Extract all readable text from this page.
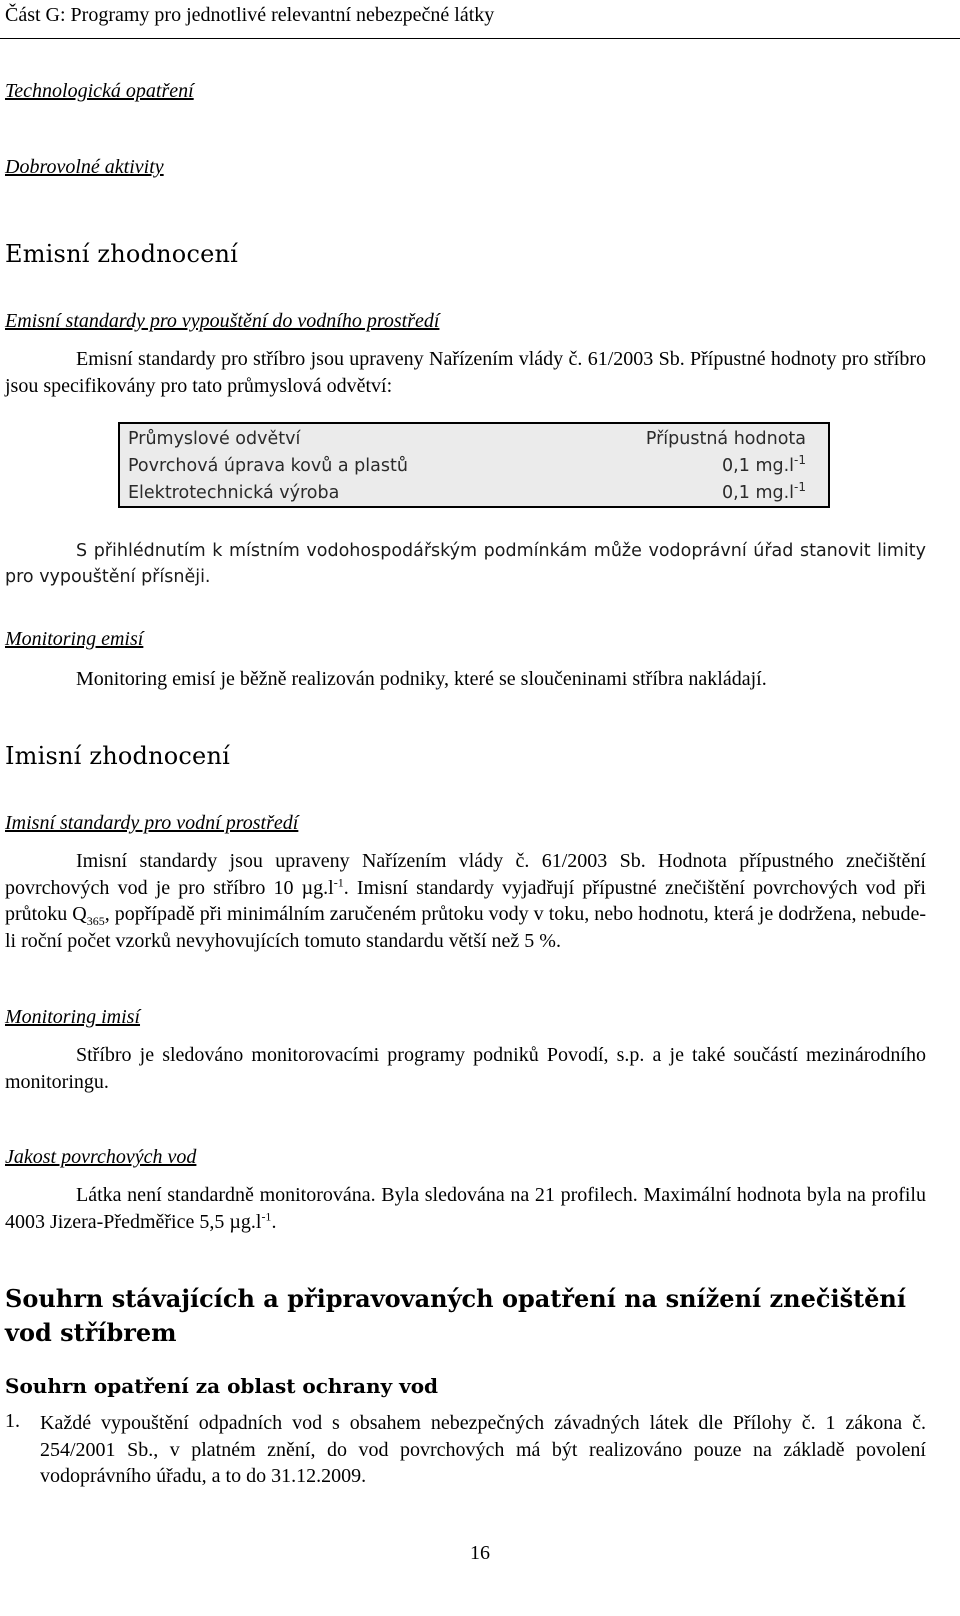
Část G: Programy pro jednotlivé relevantní nebezpečné látky
Technologická opatření
Dobrovolné aktivity
Emisní zhodnocení
Emisní standardy pro vypouštění do vodního prostředí
Emisní standardy pro stříbro jsou upraveny Nařízením vlády č. 61/2003 Sb. Přípustné hodnoty pro stříbro jsou specifikovány pro tato průmyslová odvětví:
Průmyslové odvětví	Přípustná hodnota
Povrchová úprava kovů a plastů	0,1 $mg.l^{-1}$
Elektrotechnická výroba	0,1 $mg.l^{-1}$
S přihlédnutím k místním vodohospodářským podmínkám může vodoprávní úřad stanovit limity pro vypouštění přísněji.
Monitoring emisí
Monitoring emisí je běžně realizován podniky, které se sloučeninami stříbra nakládají.
Imisní zhodnocení
Imisní standardy pro vodní prostředí
Imisní standardy jsou upraveny Nařízením vlády č. 61/2003 Sb. Hodnota přípustného znečištění povrchových vod je pro stříbro 10 $\mu g.l^{-1}$. Imisní standardy vyjadřují přípustné znečištění povrchových vod při průtoku $Q_{365}$, popřípadě při minimálním zaručeném průtoku vody v toku, nebo hodnotu, která je dodržena, nebude-li roční počet vzorků nevyhovujících tomuto standardu větší než 5 %.
Monitoring imisí
Stříbro je sledováno monitorovacími programy podniků Povodí, s.p. a je také součástí mezinárodního monitoringu.
Jakost povrchových vod
Látka není standardně monitorována. Byla sledována na 21 profilech. Maximální hodnota byla na profilu 4003 Jizera-Předměřice 5,5 $\mu g.l^{-1}$.
Souhrn stávajících a připravovaných opatření na snížení znečištění vod stříbrem
Souhrn opatření za oblast ochrany vod
1. Každé vypouštění odpadních vod s obsahem nebezpečných závadných látek dle Přílohy č. 1 zákona č. 254/2001 Sb., v platném znění, do vod povrchových má být realizováno pouze na základě povolení vodoprávního úřadu, a to do 31.12.2009.
16
